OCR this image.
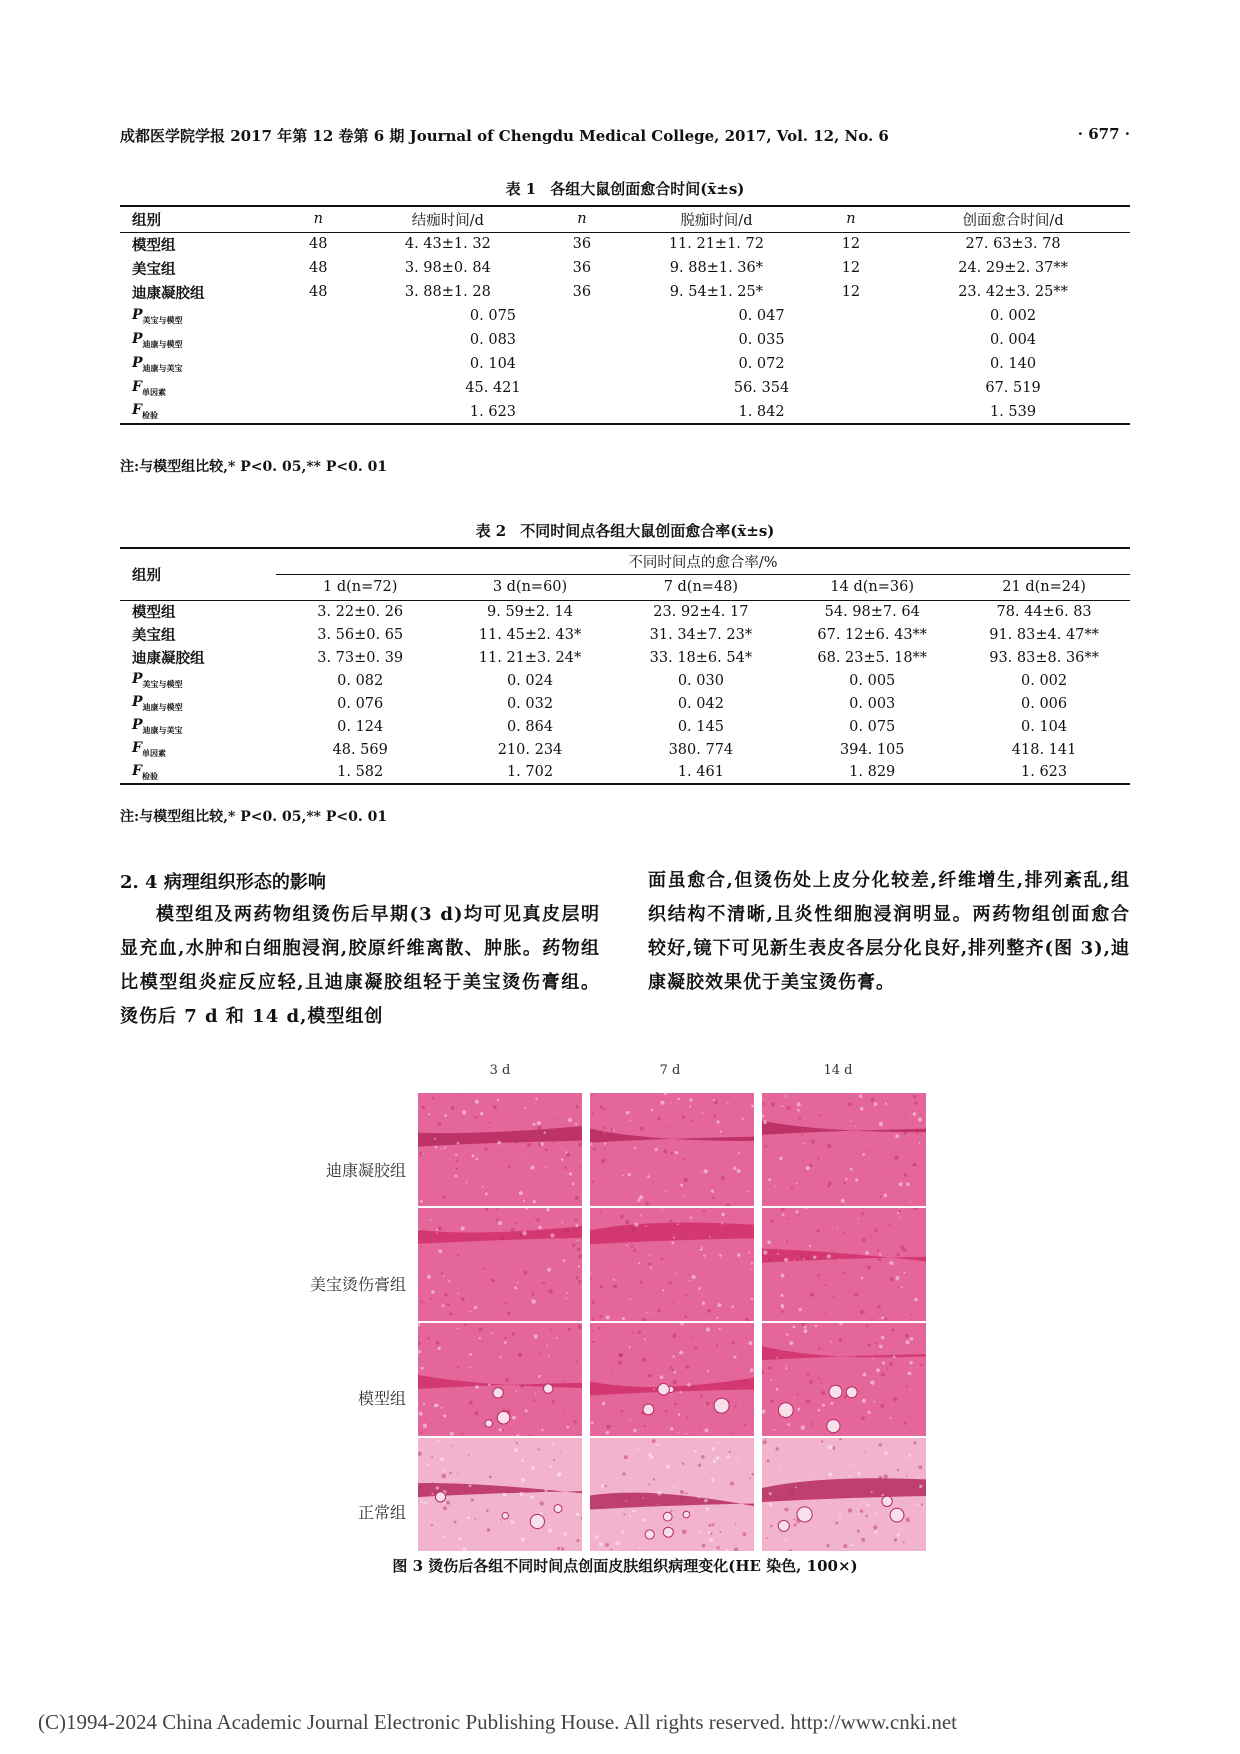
成都医学院学报 2017 年第 12 卷第 6 期 Journal of Chengdu Medical College, 2017, Vol. 12, No. 6	· 677 ·
表 1 各组大鼠创面愈合时间(x̄±s)
组别	n	结痂时间/d	n	脱痂时间/d	n	创面愈合时间/d
模型组	48	4. 43±1. 32	36	11. 21±1. 72	12	27. 63±3. 78
美宝组	48	3. 98±0. 84	36	9. 88±1. 36*	12	24. 29±2. 37**
迪康凝胶组	48	3. 88±1. 28	36	9. 54±1. 25*	12	23. 42±3. 25**
$P_{美宝与模型}$		0. 075		0. 047		0. 002
$P_{迪康与模型}$		0. 083		0. 035		0. 004
$P_{迪康与美宝}$		0. 104		0. 072		0. 140
$F_{单因素}$		45. 421		56. 354		67. 519
$F_{检验}$		1. 623		1. 842		1. 539
注:与模型组比较,* P<0. 05,** P<0. 01
表 2 不同时间点各组大鼠创面愈合率(x̄±s)
组别	不同时间点的愈合率/%				
	1 d(n=72)	3 d(n=60)	7 d(n=48)	14 d(n=36)	21 d(n=24)
模型组	3. 22±0. 26	9. 59±2. 14	23. 92±4. 17	54. 98±7. 64	78. 44±6. 83
美宝组	3. 56±0. 65	11. 45±2. 43*	31. 34±7. 23*	67. 12±6. 43**	91. 83±4. 47**
迪康凝胶组	3. 73±0. 39	11. 21±3. 24*	33. 18±6. 54*	68. 23±5. 18**	93. 83±8. 36**
$P_{美宝与模型}$	0. 082	0. 024	0. 030	0. 005	0. 002
$P_{迪康与模型}$	0. 076	0. 032	0. 042	0. 003	0. 006
$P_{迪康与美宝}$	0. 124	0. 864	0. 145	0. 075	0. 104
$F_{单因素}$	48. 569	210. 234	380. 774	394. 105	418. 141
$F_{检验}$	1. 582	1. 702	1. 461	1. 829	1. 623
注:与模型组比较,* P<0. 05,** P<0. 01
2. 4 病理组织形态的影响

模型组及两药物组烫伤后早期(3 d)均可见真皮层明显充血,水肿和白细胞浸润,胶原纤维离散、肿胀。药物组比模型组炎症反应轻,且迪康凝胶组轻于美宝烫伤膏组。烫伤后 7 d 和 14 d,模型组创

面虽愈合,但烫伤处上皮分化较差,纤维增生,排列紊乱,组织结构不清晰,且炎性细胞浸润明显。两药物组创面愈合较好,镜下可见新生表皮各层分化良好,排列整齐(图 3),迪康凝胶效果优于美宝烫伤膏。

3 d	7 d	14 d
迪康凝胶组
美宝烫伤膏组
模型组
正常组
图 3 烫伤后各组不同时间点创面皮肤组织病理变化(HE 染色, 100×)
(C)1994-2024 China Academic Journal Electronic Publishing House. All rights reserved. http://www.cnki.net
